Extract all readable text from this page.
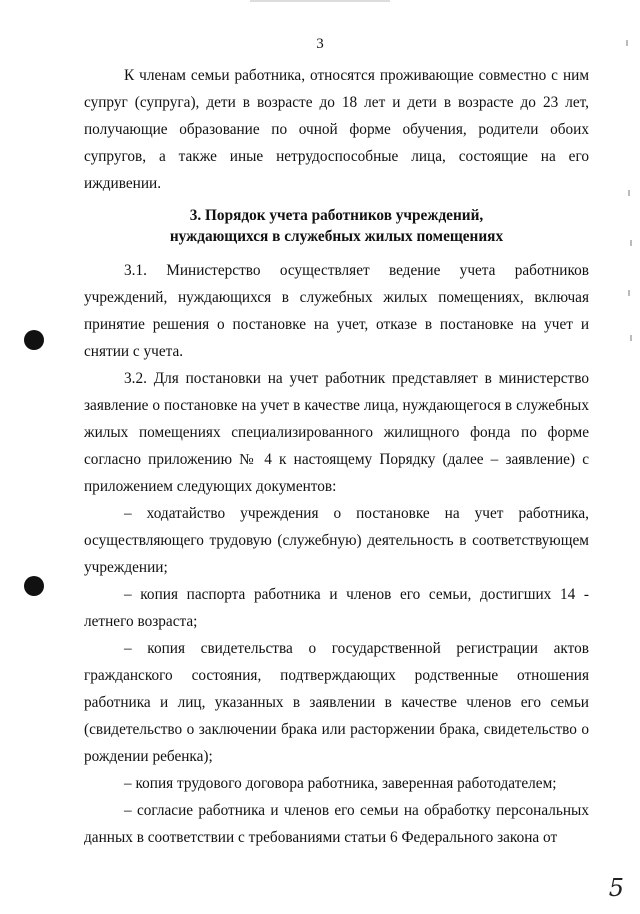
3

К членам семьи работника, относятся проживающие совместно с ним супруг (супруга), дети в возрасте до 18 лет и дети в возрасте до 23 лет, получающие образование по очной форме обучения, родители обоих супругов, а также иные нетрудоспособные лица, состоящие на его иждивении.

3. Порядок учета работников учреждений,
нуждающихся в служебных жилых помещениях

3.1. Министерство осуществляет ведение учета работников учреждений, нуждающихся в служебных жилых помещениях, включая принятие решения о постановке на учет, отказе в постановке на учет и снятии с учета.

3.2. Для постановки на учет работник представляет в министерство заявление о постановке на учет в качестве лица, нуждающегося в служебных жилых помещениях специализированного жилищного фонда по форме согласно приложению № 4 к настоящему Порядку (далее – заявление) с приложением следующих документов:

– ходатайство учреждения о постановке на учет работника, осуществляющего трудовую (служебную) деятельность в соответствующем учреждении;

– копия паспорта работника и членов его семьи, достигших 14 - летнего возраста;

– копия свидетельства о государственной регистрации актов гражданского состояния, подтверждающих родственные отношения работника и лиц, указанных в заявлении в качестве членов его семьи (свидетельство о заключении брака или расторжении брака, свидетельство о рождении ребенка);

– копия трудового договора работника, заверенная работодателем;

– согласие работника и членов его семьи на обработку персональных данных в соответствии с требованиями статьи 6 Федерального закона от

5
